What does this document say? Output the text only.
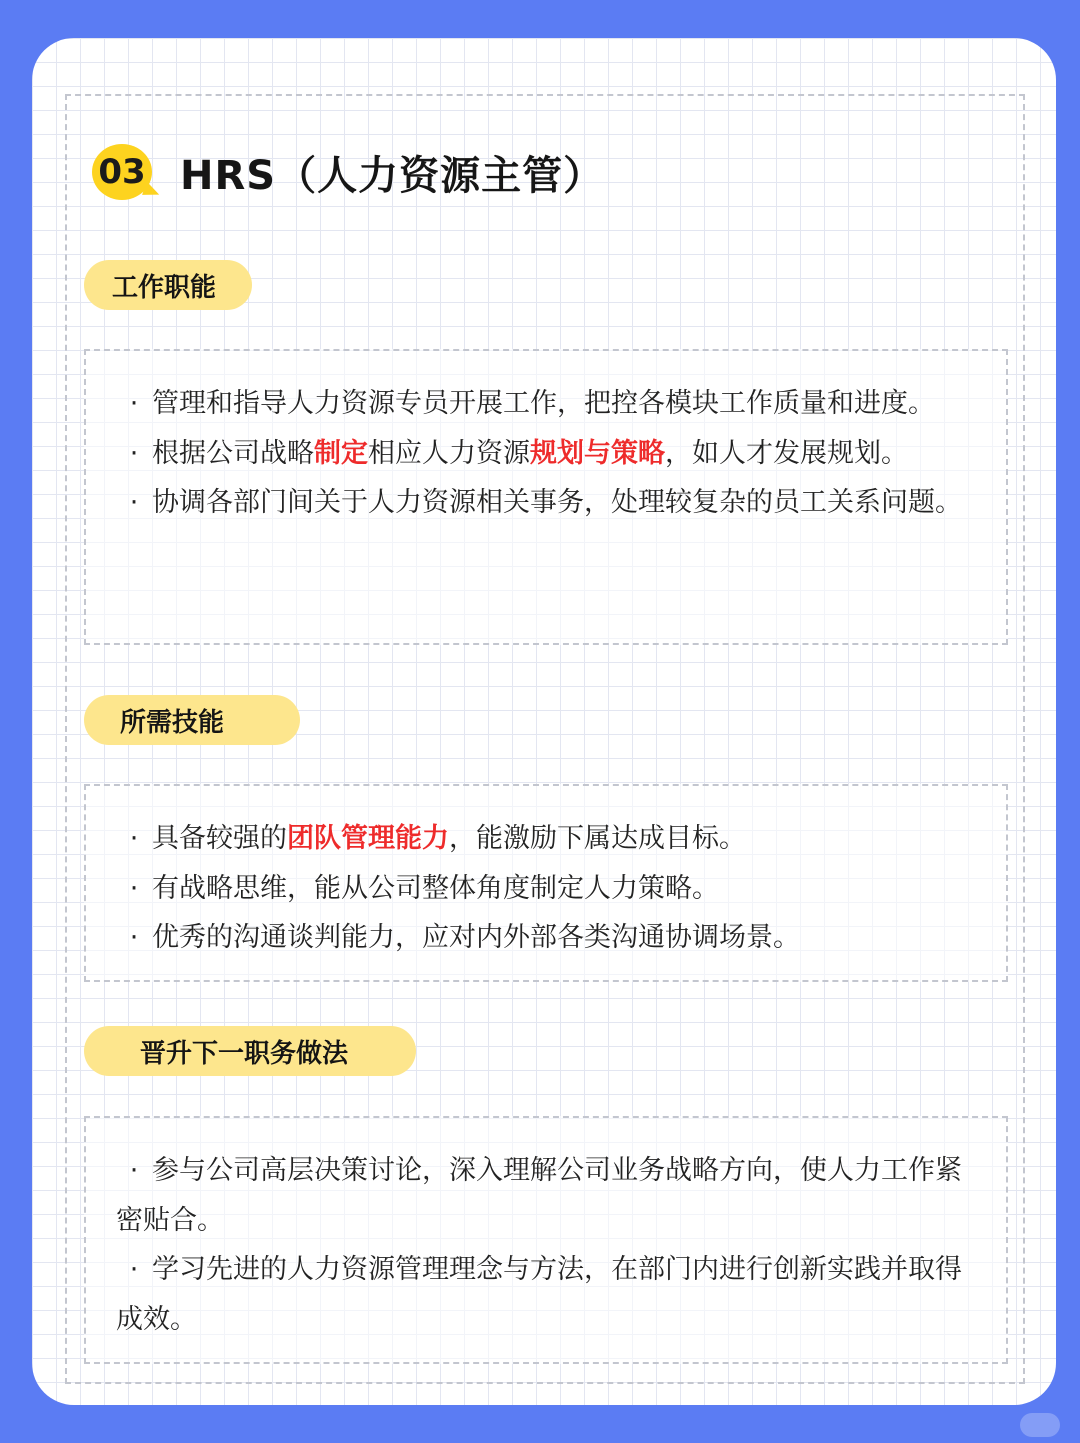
03 HRS（人力资源主管）
工作职能
· 管理和指导人力资源专员开展工作，把控各模块工作质量和进度。
· 根据公司战略制定相应人力资源规划与策略，如人才发展规划。
· 协调各部门间关于人力资源相关事务，处理较复杂的员工关系问题。
所需技能
· 具备较强的团队管理能力，能激励下属达成目标。
· 有战略思维，能从公司整体角度制定人力策略。
· 优秀的沟通谈判能力，应对内外部各类沟通协调场景。
晋升下一职务做法
· 参与公司高层决策讨论，深入理解公司业务战略方向，使人力工作紧密贴合。
· 学习先进的人力资源管理理念与方法，在部门内进行创新实践并取得成效。
